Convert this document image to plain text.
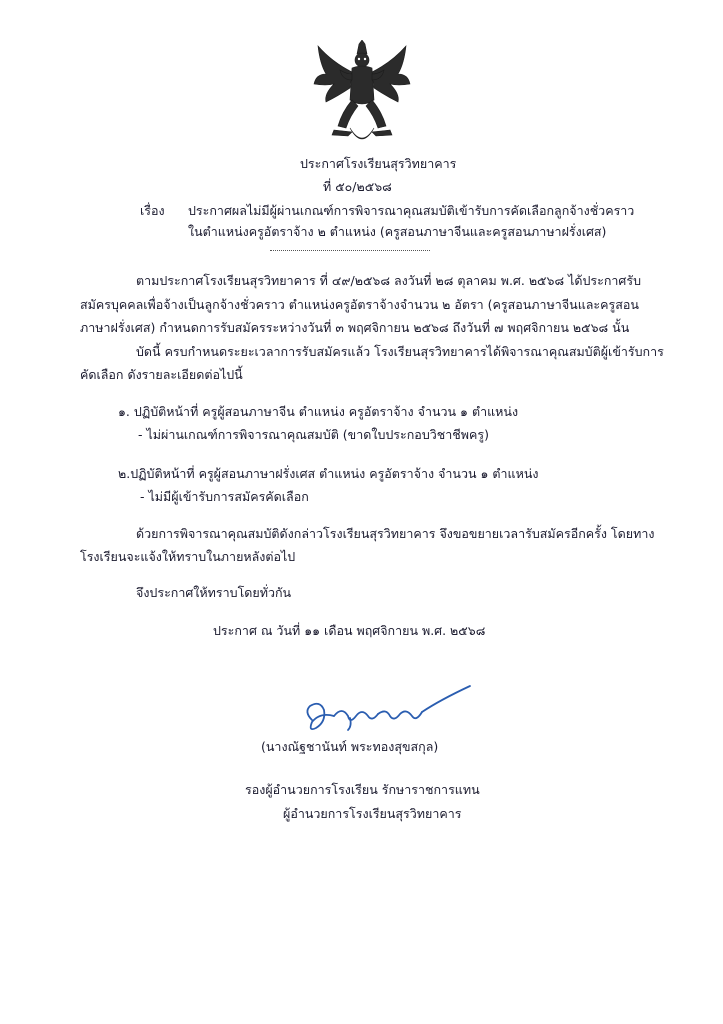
ประกาศโรงเรียนสุรวิทยาคาร
ที่ ๕๐/๒๕๖๘
เรื่อง ประกาศผลไม่มีผู้ผ่านเกณฑ์การพิจารณาคุณสมบัติเข้ารับการคัดเลือกลูกจ้างชั่วคราว
ในตำแหน่งครูอัตราจ้าง ๒ ตำแหน่ง (ครูสอนภาษาจีนและครูสอนภาษาฝรั่งเศส)
ตามประกาศโรงเรียนสุรวิทยาคาร ที่ ๔๙/๒๕๖๘ ลงวันที่ ๒๘ ตุลาคม พ.ศ. ๒๕๖๘ ได้ประกาศรับ
สมัครบุคคลเพื่อจ้างเป็นลูกจ้างชั่วคราว ตำแหน่งครูอัตราจ้างจำนวน ๒ อัตรา (ครูสอนภาษาจีนและครูสอน
ภาษาฝรั่งเศส) กำหนดการรับสมัครระหว่างวันที่ ๓ พฤศจิกายน ๒๕๖๘ ถึงวันที่ ๗ พฤศจิกายน ๒๕๖๘ นั้น
บัดนี้ ครบกำหนดระยะเวลาการรับสมัครแล้ว โรงเรียนสุรวิทยาคารได้พิจารณาคุณสมบัติผู้เข้ารับการ
คัดเลือก ดังรายละเอียดต่อไปนี้
๑. ปฏิบัติหน้าที่ ครูผู้สอนภาษาจีน ตำแหน่ง ครูอัตราจ้าง จำนวน ๑ ตำแหน่ง
- ไม่ผ่านเกณฑ์การพิจารณาคุณสมบัติ (ขาดใบประกอบวิชาชีพครู)
๒.ปฏิบัติหน้าที่ ครูผู้สอนภาษาฝรั่งเศส ตำแหน่ง ครูอัตราจ้าง จำนวน ๑ ตำแหน่ง
- ไม่มีผู้เข้ารับการสมัครคัดเลือก
ด้วยการพิจารณาคุณสมบัติดังกล่าวโรงเรียนสุรวิทยาคาร จึงขอขยายเวลารับสมัครอีกครั้ง โดยทาง
โรงเรียนจะแจ้งให้ทราบในภายหลังต่อไป
จึงประกาศให้ทราบโดยทั่วกัน
ประกาศ ณ วันที่ ๑๑ เดือน พฤศจิกายน พ.ศ. ๒๕๖๘
(นางณัฐชานันท์ พระทองสุขสกุล)
รองผู้อำนวยการโรงเรียน รักษาราชการแทน
ผู้อำนวยการโรงเรียนสุรวิทยาคาร
